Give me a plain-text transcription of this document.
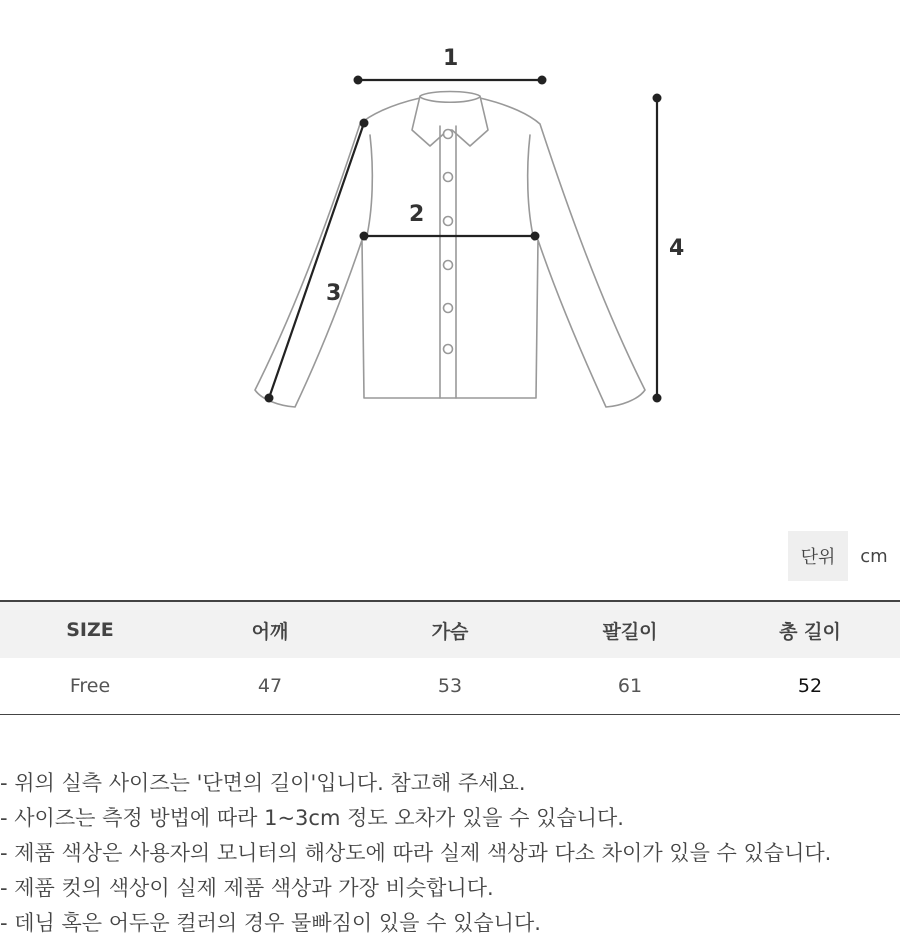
1
2
3
4
단위	cm
SIZE	어깨	가슴	팔길이	총 길이
Free	47	53	61	52
- 위의 실측 사이즈는 '단면의 길이'입니다. 참고해 주세요.
- 사이즈는 측정 방법에 따라 1~3cm 정도 오차가 있을 수 있습니다.
- 제품 색상은 사용자의 모니터의 해상도에 따라 실제 색상과 다소 차이가 있을 수 있습니다.
- 제품 컷의 색상이 실제 제품 색상과 가장 비슷합니다.
- 데님 혹은 어두운 컬러의 경우 물빠짐이 있을 수 있습니다.
